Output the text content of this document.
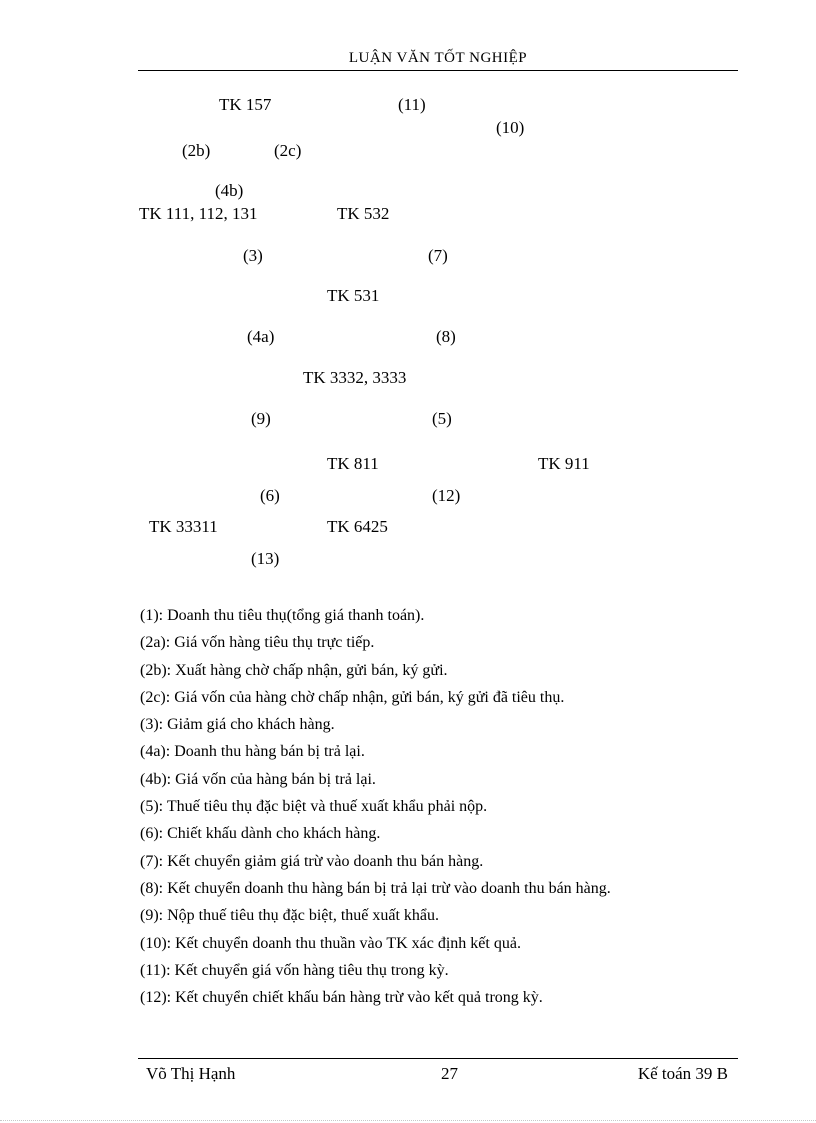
LUẬN VĂN TỐT NGHIỆP
TK 157	(11)
(10)
(2b)	(2c)
(4b)
TK 111, 112, 131	TK 532
(3)	(7)
TK 531
(4a)	(8)
TK 3332, 3333
(9)	(5)
TK 811	TK 911
(6)	(12)
TK 33311	TK 6425
(13)
(1): Doanh thu tiêu thụ(tổng giá thanh toán).
(2a): Giá vốn hàng tiêu thụ trực tiếp.
(2b): Xuất hàng chờ chấp nhận, gửi bán, ký gửi.
(2c): Giá vốn của hàng chờ chấp nhận, gửi bán, ký gửi đã tiêu thụ.
(3): Giảm giá cho khách hàng.
(4a): Doanh thu hàng bán bị trả lại.
(4b): Giá vốn của hàng bán bị trả lại.
(5): Thuế tiêu thụ đặc biệt và thuế xuất khẩu phải nộp.
(6): Chiết khấu dành cho khách hàng.
(7): Kết chuyển giảm giá trừ vào doanh thu bán hàng.
(8): Kết chuyển doanh thu hàng bán bị trả lại trừ vào doanh thu bán hàng.
(9): Nộp thuế tiêu thụ đặc biệt, thuế xuất khẩu.
(10): Kết chuyển doanh thu thuần vào TK xác định kết quả.
(11): Kết chuyển giá vốn hàng tiêu thụ trong kỳ.
(12): Kết chuyển chiết khấu bán hàng trừ vào kết quả trong kỳ.
Võ Thị Hạnh	27	Kế toán 39 B
